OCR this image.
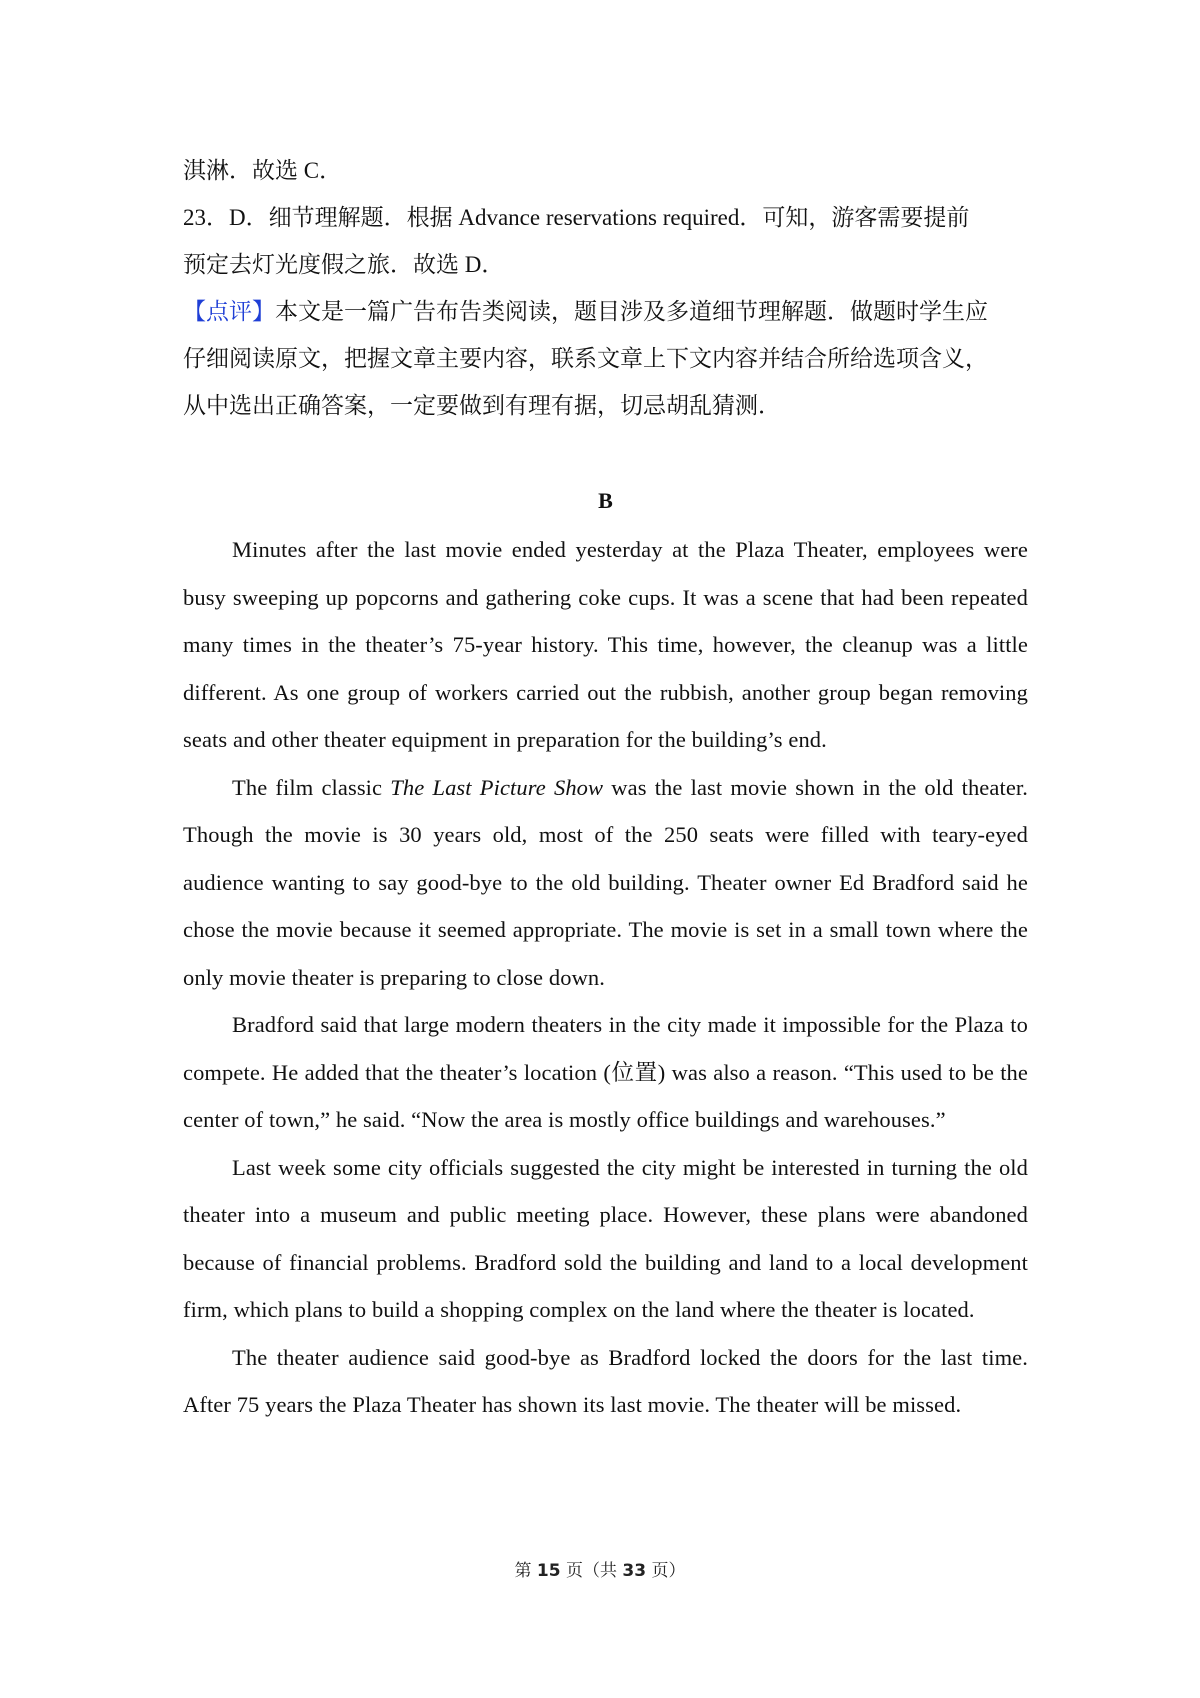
淇淋．故选 C．

23．D．细节理解题．根据 Advance reservations required．可知，游客需要提前

预定去灯光度假之旅．故选 D．

【点评】本文是一篇广告布告类阅读，题目涉及多道细节理解题．做题时学生应

仔细阅读原文，把握文章主要内容，联系文章上下文内容并结合所给选项含义，

从中选出正确答案，一定要做到有理有据，切忌胡乱猜测．

B

Minutes after the last movie ended yesterday at the Plaza Theater, employees were busy sweeping up popcorns and gathering coke cups. It was a scene that had been repeated many times in the theater’s 75-year history. This time, however, the cleanup was a little different. As one group of workers carried out the rubbish, another group began removing seats and other theater equipment in preparation for the building’s end.

The film classic The Last Picture Show was the last movie shown in the old theater. Though the movie is 30 years old, most of the 250 seats were filled with teary-eyed audience wanting to say good-bye to the old building. Theater owner Ed Bradford said he chose the movie because it seemed appropriate. The movie is set in a small town where the only movie theater is preparing to close down.

Bradford said that large modern theaters in the city made it impossible for the Plaza to compete. He added that the theater’s location (位置) was also a reason. “This used to be the center of town,” he said. “Now the area is mostly office buildings and warehouses.”

Last week some city officials suggested the city might be interested in turning the old theater into a museum and public meeting place. However, these plans were abandoned because of financial problems. Bradford sold the building and land to a local development firm, which plans to build a shopping complex on the land where the theater is located.

The theater audience said good-bye as Bradford locked the doors for the last time. After 75 years the Plaza Theater has shown its last movie. The theater will be missed.

第 15 页（共 33 页）
